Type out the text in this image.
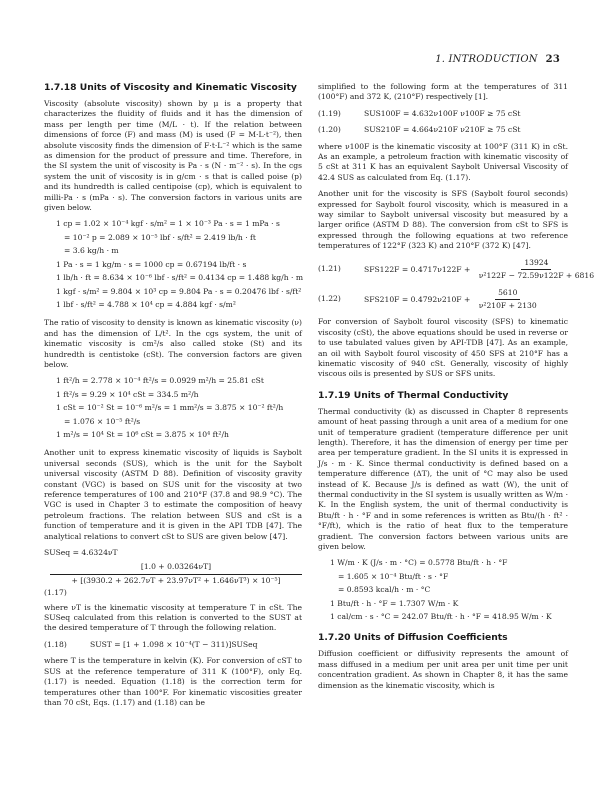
1. INTRODUCTION 23
1.7.18 Units of Viscosity and Kinematic Viscosity

Viscosity (absolute viscosity) shown by μ is a property that characterizes the fluidity of fluids and it has the dimension of mass per length per time (M/L · t). If the relation between dimensions of force (F) and mass (M) is used (F = M·L·t⁻²), then absolute viscosity finds the dimension of F·t·L⁻² which is the same as dimension for the product of pressure and time. Therefore, in the SI system the unit of viscosity is Pa · s (N · m⁻² · s). In the cgs system the unit of viscosity is in g/cm · s that is called poise (p) and its hundredth is called centipoise (cp), which is equivalent to milli-Pa · s (mPa · s). The conversion factors in various units are given below.

1 cp = 1.02 × 10⁻⁴ kgf · s/m² = 1 × 10⁻³ Pa · s = 1 mPa · s
= 10⁻² p = 2.089 × 10⁻⁵ lbf · s/ft² = 2.419 lb/h · ft
= 3.6 kg/h · m
1 Pa · s = 1 kg/m · s = 1000 cp = 0.67194 lb/ft · s
1 lb/h · ft = 8.634 × 10⁻⁶ lbf · s/ft² = 0.4134 cp = 1.488 kg/h · m
1 kgf · s/m² = 9.804 × 10³ cp = 9.804 Pa · s = 0.20476 lbf · s/ft²
1 lbf · s/ft² = 4.788 × 10⁴ cp = 4.884 kgf · s/m²

The ratio of viscosity to density is known as kinematic viscosity (ν) and has the dimension of L/t². In the cgs system, the unit of kinematic viscosity is cm²/s also called stoke (St) and its hundredth is centistoke (cSt). The conversion factors are given below.

1 ft²/h = 2.778 × 10⁻⁴ ft²/s = 0.0929 m²/h = 25.81 cSt
1 ft²/s = 9.29 × 10⁴ cSt = 334.5 m²/h
1 cSt = 10⁻² St = 10⁻⁶ m²/s = 1 mm²/s = 3.875 × 10⁻² ft²/h
= 1.076 × 10⁻⁵ ft²/s
1 m²/s = 10⁴ St = 10⁶ cSt = 3.875 × 10⁴ ft²/h

Another unit to express kinematic viscosity of liquids is Saybolt universal seconds (SUS), which is the unit for the Saybolt universal viscosity (ASTM D 88). Definition of viscosity gravity constant (VGC) is based on SUS unit for the viscosity at two reference temperatures of 100 and 210°F (37.8 and 98.9 °C). The VGC is used in Chapter 3 to estimate the composition of heavy petroleum fractions. The relation between SUS and cSt is a function of temperature and it is given in the API TDB [47]. The analytical relations to convert cSt to SUS are given below [47].

SUSeq = 4.6324νT
[1.0 + 0.03264νT]
+ [(3930.2 + 262.7νT + 23.97νT² + 1.646νT³) × 10⁻⁵]
(1.17)

where νT is the kinematic viscosity at temperature T in cSt. The SUSeq calculated from this relation is converted to the SUST at the desired temperature of T through the following relation.

(1.18)	SUST = [1 + 1.098 × 10⁻⁴(T − 311)]SUSeq

where T is the temperature in kelvin (K). For conversion of cST to SUS at the reference temperature of 311 K (100°F), only Eq. (1.17) is needed. Equation (1.18) is the correction term for temperatures other than 100°F. For kinematic viscosities greater than 70 cSt, Eqs. (1.17) and (1.18) can be

simplified to the following form at the temperatures of 311 (100°F) and 372 K, (210°F) respectively [1].

(1.19)	SUS100F = 4.632ν100F ν100F ≥ 75 cSt
(1.20)	SUS210F = 4.664ν210F ν210F ≥ 75 cSt

where ν100F is the kinematic viscosity at 100°F (311 K) in cSt. As an example, a petroleum fraction with kinematic viscosity of 5 cSt at 311 K has an equivalent Saybolt Universal Viscosity of 42.4 SUS as calculated from Eq. (1.17).

Another unit for the viscosity is SFS (Saybolt fourol seconds) expressed for Saybolt fourol viscosity, which is measured in a way similar to Saybolt universal viscosity but measured by a larger orifice (ASTM D 88). The conversion from cSt to SFS is expressed through the following equations at two reference temperatures of 122°F (323 K) and 210°F (372 K) [47].

(1.21)	$SFS122F = 0.4717\nu 122F + \frac{13924}{\text{ν²122F − 72.59ν122F + 6816}}$
(1.22)	$SFS210F = 0.4792\nu 210F + \frac{5610}{\text{ν²210F + 2130}}$

For conversion of Saybolt fourol viscosity (SFS) to kinematic viscosity (cSt), the above equations should be used in reverse or to use tabulated values given by API-TDB [47]. As an example, an oil with Saybolt fourol viscosity of 450 SFS at 210°F has a kinematic viscosity of 940 cSt. Generally, viscosity of highly viscous oils is presented by SUS or SFS units.

1.7.19 Units of Thermal Conductivity

Thermal conductivity (k) as discussed in Chapter 8 represents amount of heat passing through a unit area of a medium for one unit of temperature gradient (temperature difference per unit length). Therefore, it has the dimension of energy per time per area per temperature gradient. In the SI units it is expressed in J/s · m · K. Since thermal conductivity is defined based on a temperature difference (ΔT), the unit of °C may also be used instead of K. Because J/s is defined as watt (W), the unit of thermal conductivity in the SI system is usually written as W/m · K. In the English system, the unit of thermal conductivity is Btu/ft · h · °F and in some references is written as Btu/(h · ft² · °F/ft), which is the ratio of heat flux to the temperature gradient. The conversion factors between various units are given below.

1 W/m · K (J/s · m · °C) = 0.5778 Btu/ft · h · °F
= 1.605 × 10⁻⁴ Btu/ft · s · °F
= 0.8593 kcal/h · m · °C
1 Btu/ft · h · °F = 1.7307 W/m · K
1 cal/cm · s · °C = 242.07 Btu/ft · h · °F = 418.95 W/m · K
1.7.20 Units of Diffusion Coefficients

Diffusion coefficient or diffusivity represents the amount of mass diffused in a medium per unit area per unit time per unit concentration gradient. As shown in Chapter 8, it has the same dimension as the kinematic viscosity, which is
